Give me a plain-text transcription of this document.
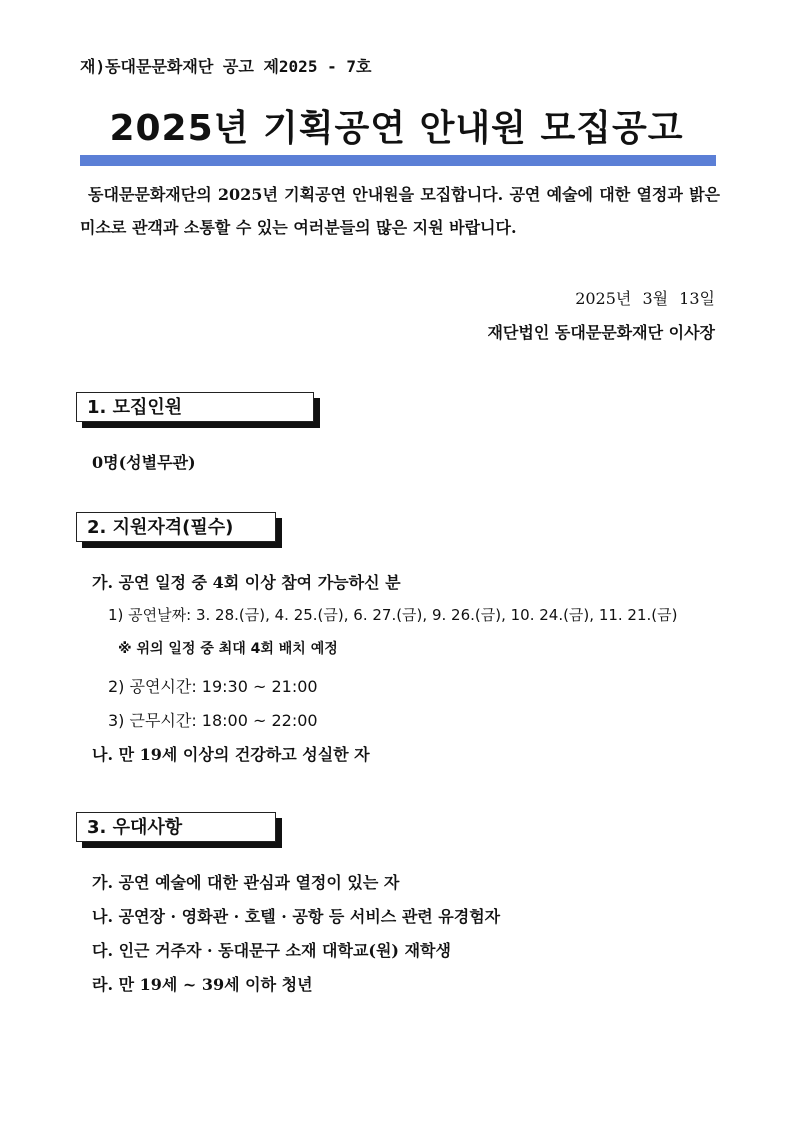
재)동대문문화재단 공고 제2025 - 7호
2025년 기획공연 안내원 모집공고
동대문문화재단의 2025년 기획공연 안내원을 모집합니다. 공연 예술에 대한 열정과 밝은 미소로 관객과 소통할 수 있는 여러분들의 많은 지원 바랍니다.
2025년 3월 13일
재단법인 동대문문화재단 이사장
1. 모집인원
0명(성별무관)
2. 지원자격(필수)
가. 공연 일정 중 4회 이상 참여 가능하신 분
1) 공연날짜: 3. 28.(금), 4. 25.(금), 6. 27.(금), 9. 26.(금), 10. 24.(금), 11. 21.(금)
※ 위의 일정 중 최대 4회 배치 예정
2) 공연시간: 19:30 ~ 21:00
3) 근무시간: 18:00 ~ 22:00
나. 만 19세 이상의 건강하고 성실한 자
3. 우대사항
가. 공연 예술에 대한 관심과 열정이 있는 자
나. 공연장 · 영화관 · 호텔 · 공항 등 서비스 관련 유경험자
다. 인근 거주자 · 동대문구 소재 대학교(원) 재학생
라. 만 19세 ~ 39세 이하 청년
